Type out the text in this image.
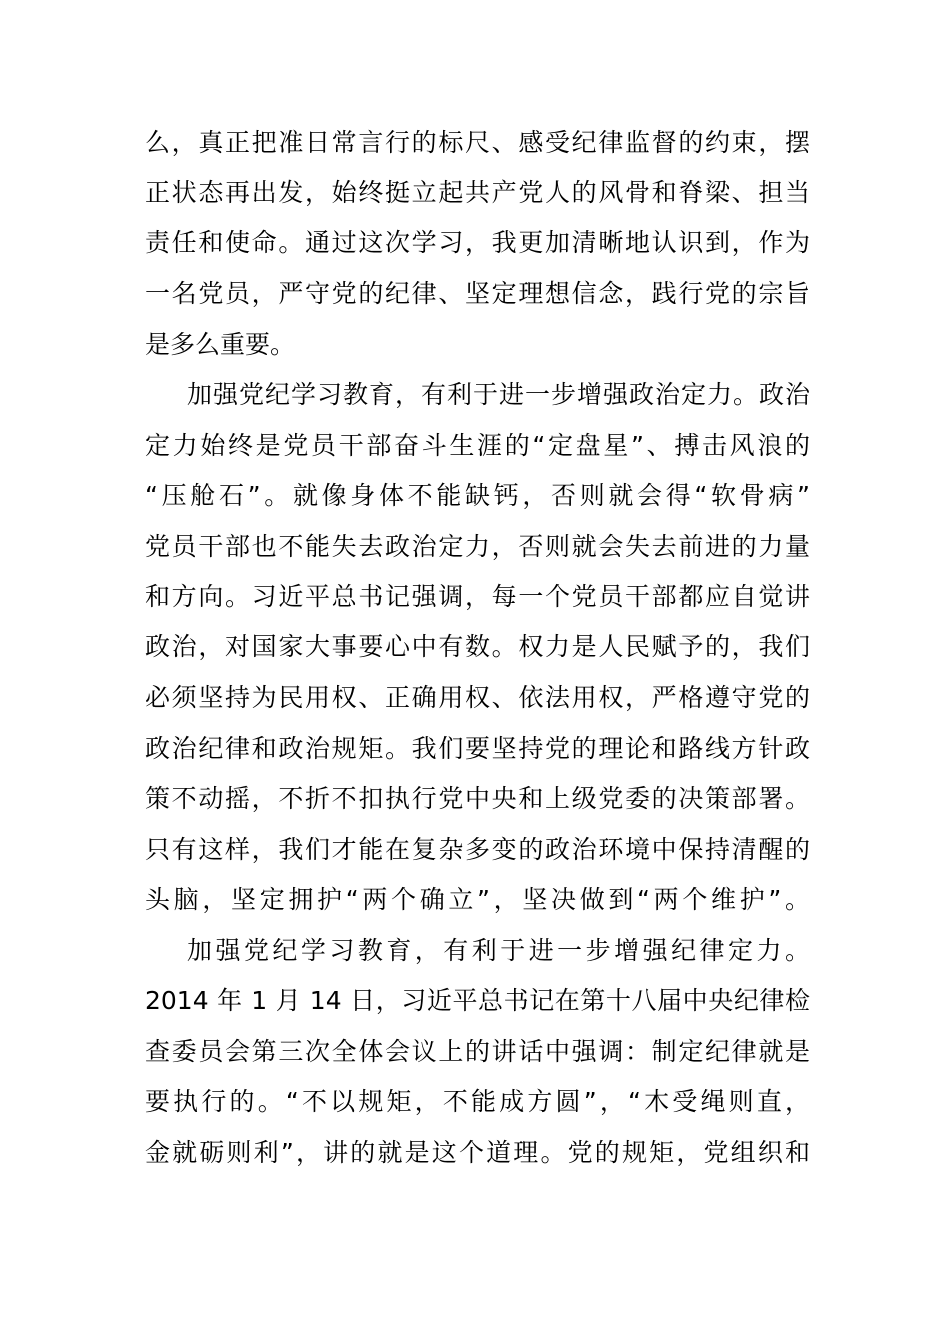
么，真正把准日常言行的标尺、感受纪律监督的约束，摆
正状态再出发，始终挺立起共产党人的风骨和脊梁、担当
责任和使命。通过这次学习，我更加清晰地认识到，作为
一名党员，严守党的纪律、坚定理想信念，践行党的宗旨
是多么重要。
加强党纪学习教育，有利于进一步增强政治定力。政治
定力始终是党员干部奋斗生涯的“定盘星”、搏击风浪的
“压舱石”。就像身体不能缺钙，否则就会得“软骨病”
党员干部也不能失去政治定力，否则就会失去前进的力量
和方向。习近平总书记强调，每一个党员干部都应自觉讲
政治，对国家大事要心中有数。权力是人民赋予的，我们
必须坚持为民用权、正确用权、依法用权，严格遵守党的
政治纪律和政治规矩。我们要坚持党的理论和路线方针政
策不动摇，不折不扣执行党中央和上级党委的决策部署。
只有这样，我们才能在复杂多变的政治环境中保持清醒的
头脑，坚定拥护“两个确立”，坚决做到“两个维护”。
加强党纪学习教育，有利于进一步增强纪律定力。
2014 年 1 月 14 日，习近平总书记在第十八届中央纪律检
查委员会第三次全体会议上的讲话中强调：制定纪律就是
要执行的。“不以规矩，不能成方圆”，“木受绳则直，
金就砺则利”，讲的就是这个道理。党的规矩，党组织和
